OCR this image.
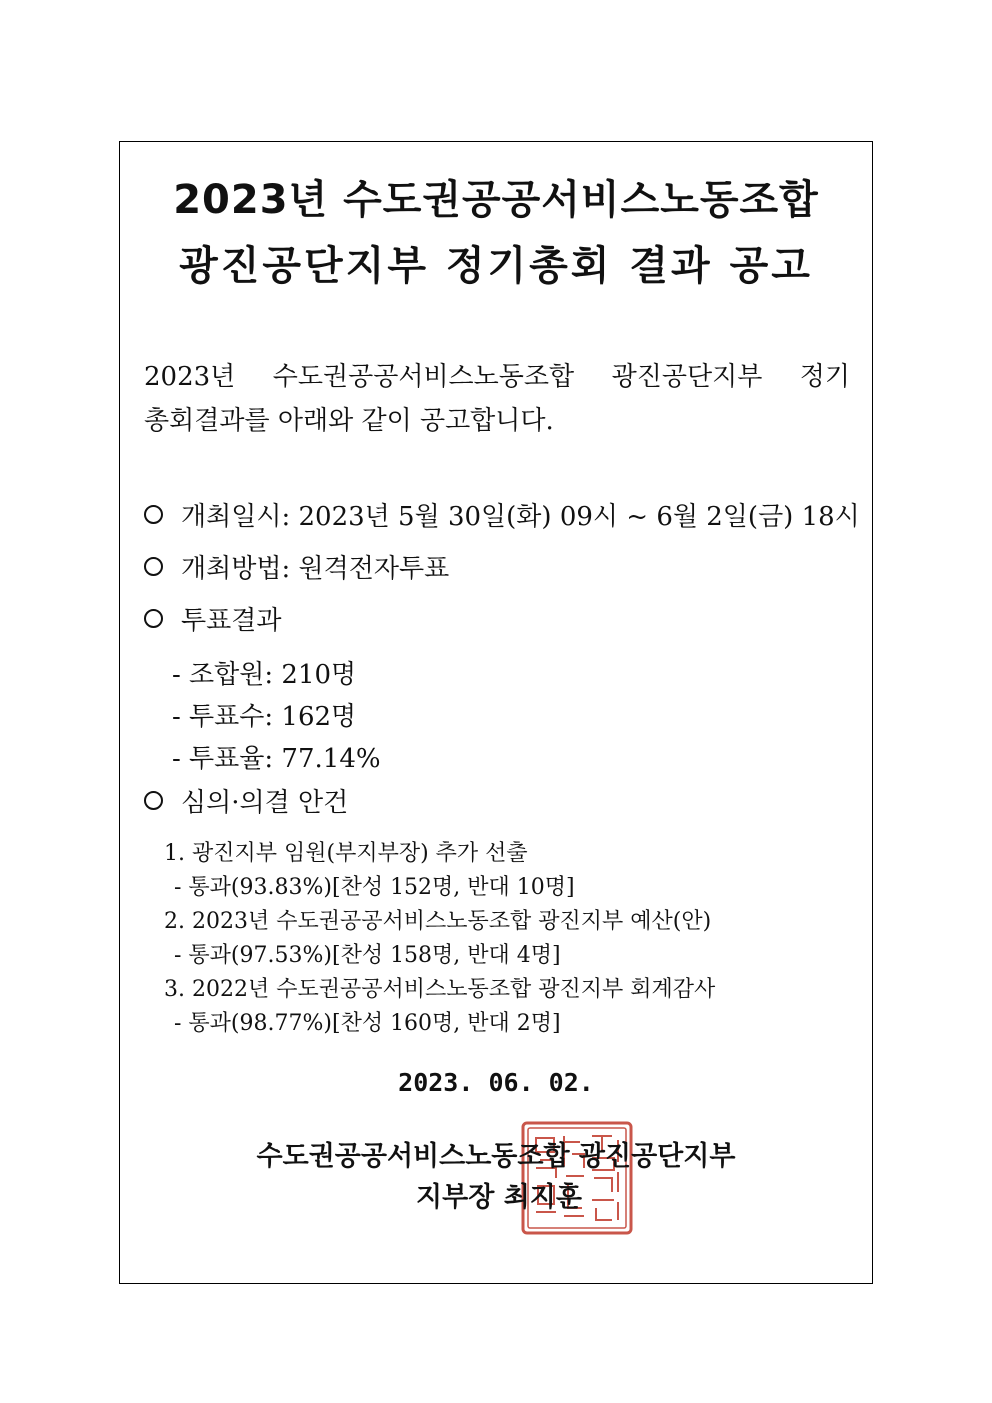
2023년 수도권공공서비스노동조합
광진공단지부 정기총회 결과 공고
2023년 수도권공공서비스노동조합 광진공단지부 정기
총회결과를 아래와 같이 공고합니다.
개최일시: 2023년 5월 30일(화) 09시 ~ 6월 2일(금) 18시
개최방법: 원격전자투표
투표결과
- 조합원: 210명
- 투표수: 162명
- 투표율: 77.14%
심의·의결 안건
1. 광진지부 임원(부지부장) 추가 선출
- 통과(93.83%)[찬성 152명, 반대 10명]
2. 2023년 수도권공공서비스노동조합 광진지부 예산(안)
- 통과(97.53%)[찬성 158명, 반대 4명]
3. 2022년 수도권공공서비스노동조합 광진지부 회계감사
- 통과(98.77%)[찬성 160명, 반대 2명]
2023. 06. 02.
수도권공공서비스노동조합 광진공단지부
지부장 최지훈
